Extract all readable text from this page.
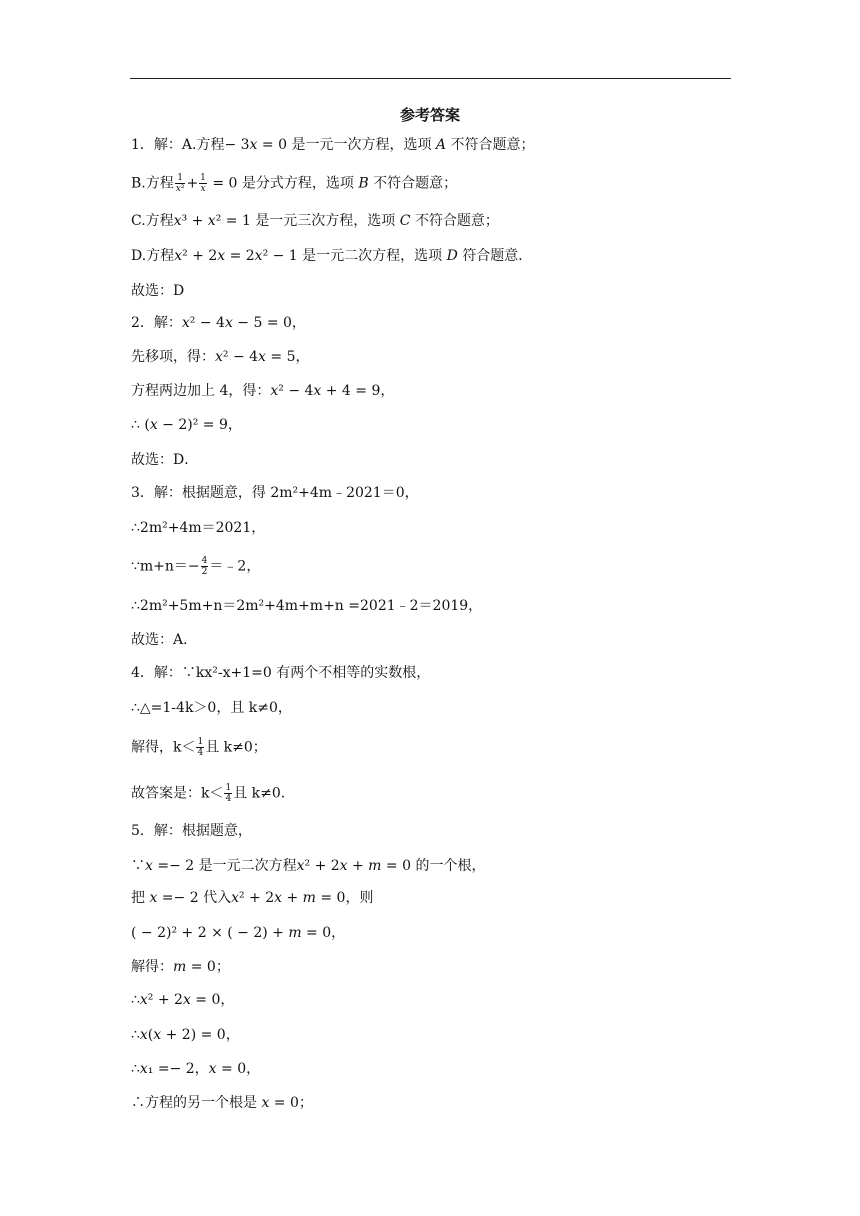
参考答案
1．解：A.方程− 3𝑥 = 0 是一元一次方程，选项 A 不符合题意；
B.方程 $\frac{1}{\text{𝑥²}} + \frac{1}{\text{𝑥}} = 0$ 是分式方程，选项 B 不符合题意；
C.方程𝑥³ + 𝑥² = 1 是一元三次方程，选项 C 不符合题意；
D.方程𝑥² + 2𝑥 = 2𝑥² − 1 是一元二次方程，选项 D 符合题意．
故选：D
2．解：𝑥² − 4𝑥 − 5 = 0，
先移项，得：𝑥² − 4𝑥 = 5，
方程两边加上 4，得：𝑥² − 4𝑥 + 4 = 9，
∴ (𝑥 − 2)² = 9，
故选：D．
3．解：根据题意，得 2m²+4m﹣2021＝0，
∴2m²+4m＝2021，
∵m+n＝− $\frac{4}{2}$ ＝﹣2，
∴2m²+5m+n＝2m²+4m+m+n =2021﹣2＝2019，
故选：A．
4．解：∵kx²-x+1=0 有两个不相等的实数根，
∴△=1-4k＞0，且 k≠0，
解得，$k< \frac{1}{4}$ 且 k≠0；
故答案是：$k< \frac{1}{4}$ 且 k≠0.
5．解：根据题意，
∵𝑥 =− 2 是一元二次方程𝑥² + 2𝑥 + 𝑚 = 0 的一个根，
把 𝑥 =− 2 代入𝑥² + 2𝑥 + 𝑚 = 0，则
( − 2)² + 2 × ( − 2) + 𝑚 = 0，
解得：𝑚 = 0；
∴𝑥² + 2𝑥 = 0，
∴𝑥(𝑥 + 2) = 0，
∴𝑥₁ =− 2，𝑥 = 0，
∴方程的另一个根是 𝑥 = 0；
